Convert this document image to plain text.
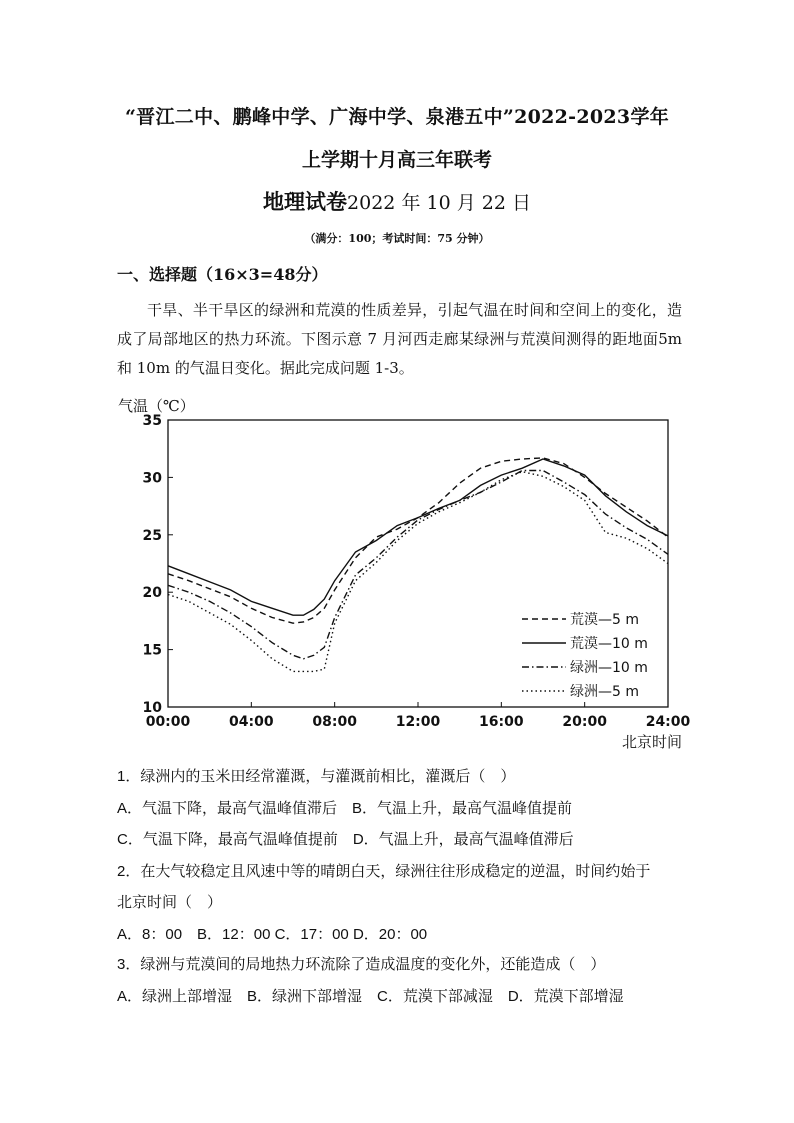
“晋江二中、鹏峰中学、广海中学、泉港五中”2022-2023学年
上学期十月高三年联考
地理试卷2022 年 10 月 22 日
（满分：100；考试时间：75 分钟）
一、选择题（16×3=48分）
干旱、半干旱区的绿洲和荒漠的性质差异，引起气温在时间和空间上的变化，造成了局部地区的热力环流。下图示意 7 月河西走廊某绿洲与荒漠间测得的距地面5m 和 10m 的气温日变化。据此完成问题 1-3。
气温（℃）
00:00	04:00	08:00	12:00	16:00	20:00	24:00
10
15
20
25
30
35
荒漠—5 m
荒漠—10 m
绿洲—10 m
绿洲—5 m
北京时间
1．绿洲内的玉米田经常灌溉，与灌溉前相比，灌溉后（　）
A．气温下降，最高气温峰值滞后　B．气温上升，最高气温峰值提前
C．气温下降，最高气温峰值提前　D．气温上升，最高气温峰值滞后
2．在大气较稳定且风速中等的晴朗白天，绿洲往往形成稳定的逆温，时间约始于
北京时间（　）
A．8：00　B．12：00 C．17：00 D．20：00
3．绿洲与荒漠间的局地热力环流除了造成温度的变化外，还能造成（　）
A．绿洲上部增湿　B．绿洲下部增湿　C．荒漠下部减湿　D．荒漠下部增湿
